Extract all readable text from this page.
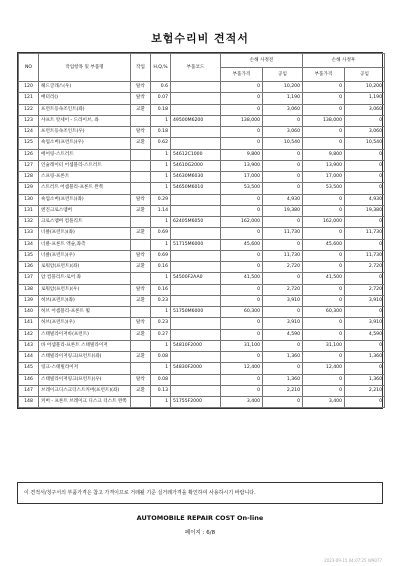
보험수리비 견적서
NO	작업항목 및 부품명	작업	H,Q,%	부품코드	손해 사정전		손해 사정후	
					부품가격	공임	부품가격	공임
120	헤드글래스(우)	탈착	0.6		0	10,200	0	10,200
121	배터리()	탈착	0.07		0	1,190	0	1,190
122	프런트등속조인트(좌)	교환	0.18		0	3,060	0	3,060
123	샤프트 앗세이 - 드라이브, 좌		1	49500M6200	138,000	0	138,000	0
124	프런트등속조인트(우)	탈착	0.18		0	3,060	0	3,060
125	쇽업소버(프런트)(우)	교환	0.62		0	10,540	0	10,540
126	베어링-스트러트		1	54612C1000	9,800	0	9,800	0
127	인슐레이터 어셈블리-스트러트		1	54610G2000	13,900	0	13,900	0
128	스프링-프론트		1	54630M6030	17,000	0	17,000	0
129	스트러트 어셈블리-프론트 완쪽		1	54650M6010	53,500	0	53,500	0
130	쇽업소버(프런트)(좌)	탈착	0.29		0	4,930	0	4,930
131	엔진크로스멤버	교환	1.14		0	19,380	0	19,380
132	크로스멤버 컴플리트		1	62405M6050	162,000	0	162,000	0
133	너클(프런트)(좌)	교환	0.69		0	11,730	0	11,730
134	너클-프론트 액슬,좌측		1	51715M6000	45,600	0	45,600	0
135	너클(프런트)(우)	탈착	0.69		0	11,730	0	11,730
136	로워암(프런트)(좌)	교환	0.16		0	2,720	0	2,720
137	암 컴플리트-로어 좌		1	54500F2AA0	41,500	0	41,500	0
138	로워암(프런트)(우)	탈착	0.16		0	2,720	0	2,720
139	허브(프런트)(좌)	교환	0.23		0	3,910	0	3,910
140	허브 어셈블리-프론트 휠		1	51750M6000	60,300	0	60,300	0
141	허브(프런트)(우)	탈착	0.23		0	3,910	0	3,910
142	스태빌라이저바(프런트)	교환	0.27		0	4,590	0	4,590
143	바 어셈블리-프론트 스태빌라이저		1	54810F2000	31,100	0	31,100	0
144	스태빌라이저링크(프런트)(좌)	교환	0.08		0	1,360	0	1,360
145	링크-스태빌라이저		1	54830F2000	12,400	0	12,400	0
146	스태빌라이저링크(프런트)(우)	탈착	0.08		0	1,360	0	1,360
147	브레이크디스크더스트커버(프런트)(좌)	교환	0.13		0	2,210	0	2,210
148	커버 - 프론트 브레이크 디스크 더스트 완쪽		1	51755F2000	3,400	0	3,400	0
이 견적서/청구서의 부품가격은 참고 가격이므로 거래될 기준 실거래가격을 확인하여 사용하시기 바랍니다.
AUTOMOBILE REPAIR COST On-line
페이지 : 6/8
2023-09-15 04:07:25 W9077
